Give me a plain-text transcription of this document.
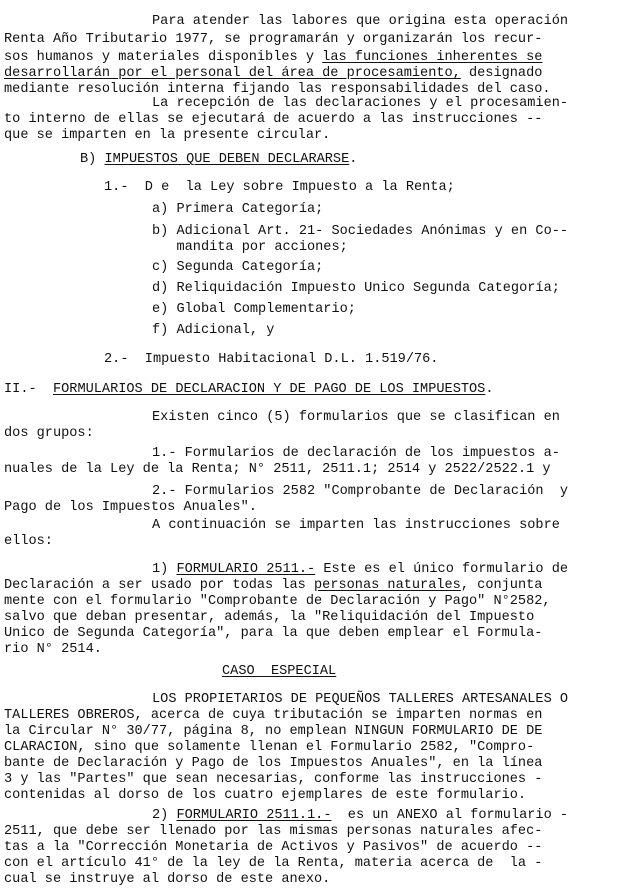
Para atender las labores que origina esta operación
Renta Año Tributario 1977, se programarán y organizarán los recur-
sos humanos y materiales disponibles y las funciones inherentes se
desarrollarán por el personal del área de procesamiento, designado
mediante resolución interna fijando las responsabilidades del caso.
La recepción de las declaraciones y el procesamien-
to interno de ellas se ejecutará de acuerdo a las instrucciones --
que se imparten en la presente circular.
B) IMPUESTOS QUE DEBEN DECLARARSE.
1.-  D e  la Ley sobre Impuesto a la Renta;
a) Primera Categoría;
b) Adicional Art. 21- Sociedades Anónimas y en Co--
mandita por acciones;
c) Segunda Categoría;
d) Reliquidación Impuesto Unico Segunda Categoría;
e) Global Complementario;
f) Adicional, y
2.-  Impuesto Habitacional D.L. 1.519/76.
II.- FORMULARIOS DE DECLARACION Y DE PAGO DE LOS IMPUESTOS.
Existen cinco (5) formularios que se clasifican en
dos grupos:
1.- Formularios de declaración de los impuestos a-
nuales de la Ley de la Renta; N° 2511, 2511.1; 2514 y 2522/2522.1 y
2.- Formularios 2582 "Comprobante de Declaración  y
Pago de los Impuestos Anuales".
A continuación se imparten las instrucciones sobre
ellos:
1) FORMULARIO 2511.- Este es el único formulario de
Declaración a ser usado por todas las personas naturales, conjunta
mente con el formulario "Comprobante de Declaración y Pago" N°2582,
salvo que deban presentar, además, la "Reliquidación del Impuesto
Unico de Segunda Categoría", para la que deben emplear el Formula-
rio N° 2514.
CASO  ESPECIAL
LOS PROPIETARIOS DE PEQUEÑOS TALLERES ARTESANALES O
TALLERES OBREROS, acerca de cuya tributación se imparten normas en
la Circular N° 30/77, página 8, no emplean NINGUN FORMULARIO DE DE
CLARACION, sino que solamente llenan el Formulario 2582, "Compro-
bante de Declaración y Pago de los Impuestos Anuales", en la línea
3 y las "Partes" que sean necesarias, conforme las instrucciones -
contenidas al dorso de los cuatro ejemplares de este formulario.
2) FORMULARIO 2511.1.-  es un ANEXO al formulario -
2511, que debe ser llenado por las mismas personas naturales afec-
tas a la "Corrección Monetaria de Activos y Pasivos" de acuerdo --
con el artículo 41° de la ley de la Renta, materia acerca de  la -
cual se instruye al dorso de este anexo.
